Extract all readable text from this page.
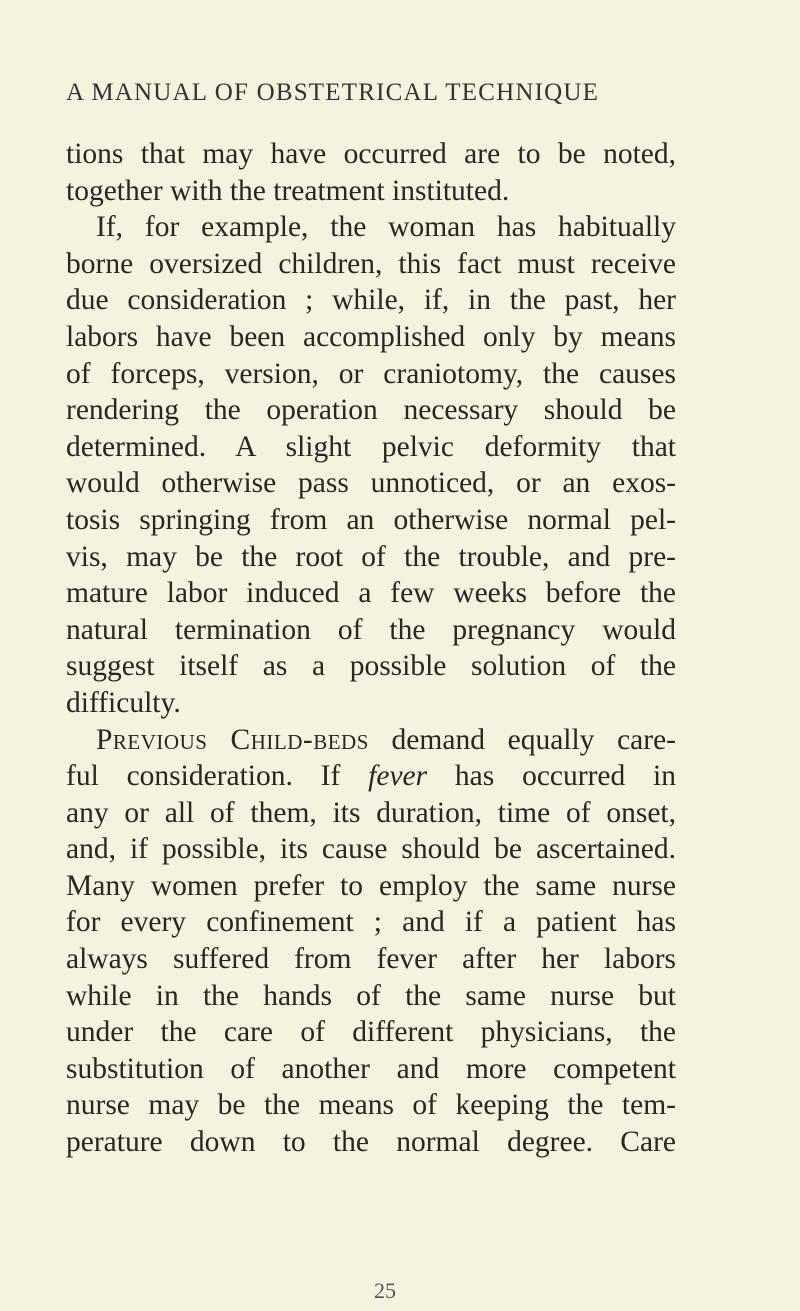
A MANUAL OF OBSTETRICAL TECHNIQUE
tions that may have occurred are to be noted,
together with the treatment instituted.
If, for example, the woman has habitually
borne oversized children, this fact must receive
due consideration ; while, if, in the past, her
labors have been accomplished only by means
of forceps, version, or craniotomy, the causes
rendering the operation necessary should be
determined. A slight pelvic deformity that
would otherwise pass unnoticed, or an exos-
tosis springing from an otherwise normal pel-
vis, may be the root of the trouble, and pre-
mature labor induced a few weeks before the
natural termination of the pregnancy would
suggest itself as a possible solution of the
difficulty.
Previous Child-beds demand equally care-
ful consideration. If fever has occurred in
any or all of them, its duration, time of onset,
and, if possible, its cause should be ascertained.
Many women prefer to employ the same nurse
for every confinement ; and if a patient has
always suffered from fever after her labors
while in the hands of the same nurse but
under the care of different physicians, the
substitution of another and more competent
nurse may be the means of keeping the tem-
perature down to the normal degree. Care
25
